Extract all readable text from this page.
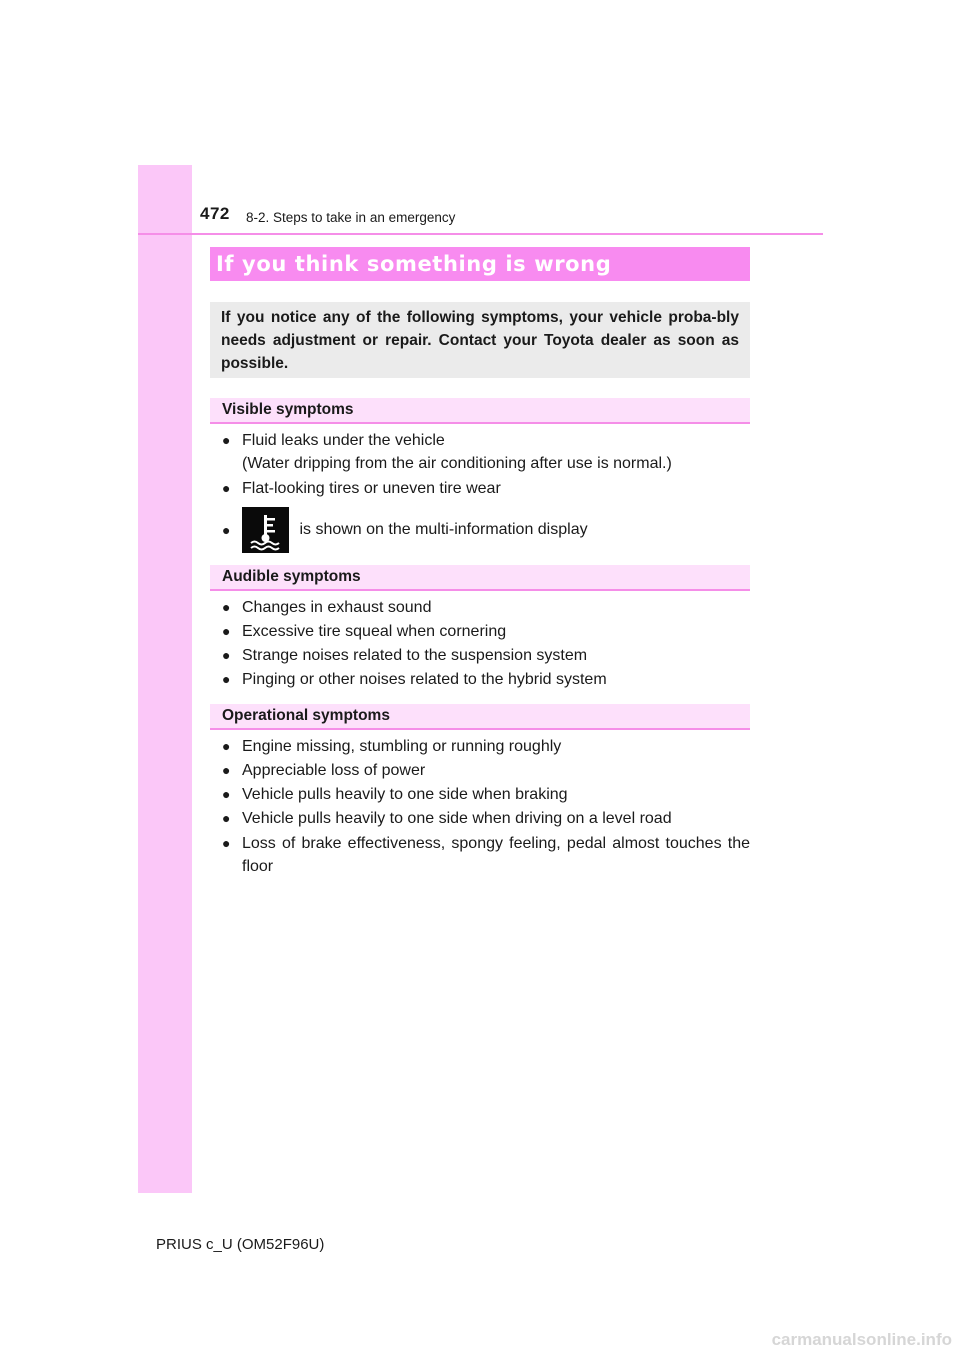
472 8-2. Steps to take in an emergency
If you think something is wrong
If you notice any of the following symptoms, your vehicle proba-bly needs adjustment or repair. Contact your Toyota dealer as soon as possible.
Visible symptoms
● Fluid leaks under the vehicle
(Water dripping from the air conditioning after use is normal.)
● Flat-looking tires or uneven tire wear
●	is shown on the multi-information display
Audible symptoms
● Changes in exhaust sound
● Excessive tire squeal when cornering
● Strange noises related to the suspension system
● Pinging or other noises related to the hybrid system
Operational symptoms
● Engine missing, stumbling or running roughly
● Appreciable loss of power
● Vehicle pulls heavily to one side when braking
● Vehicle pulls heavily to one side when driving on a level road
● Loss of brake effectiveness, spongy feeling, pedal almost touches the floor
PRIUS c_U (OM52F96U)
carmanualsonline.info
